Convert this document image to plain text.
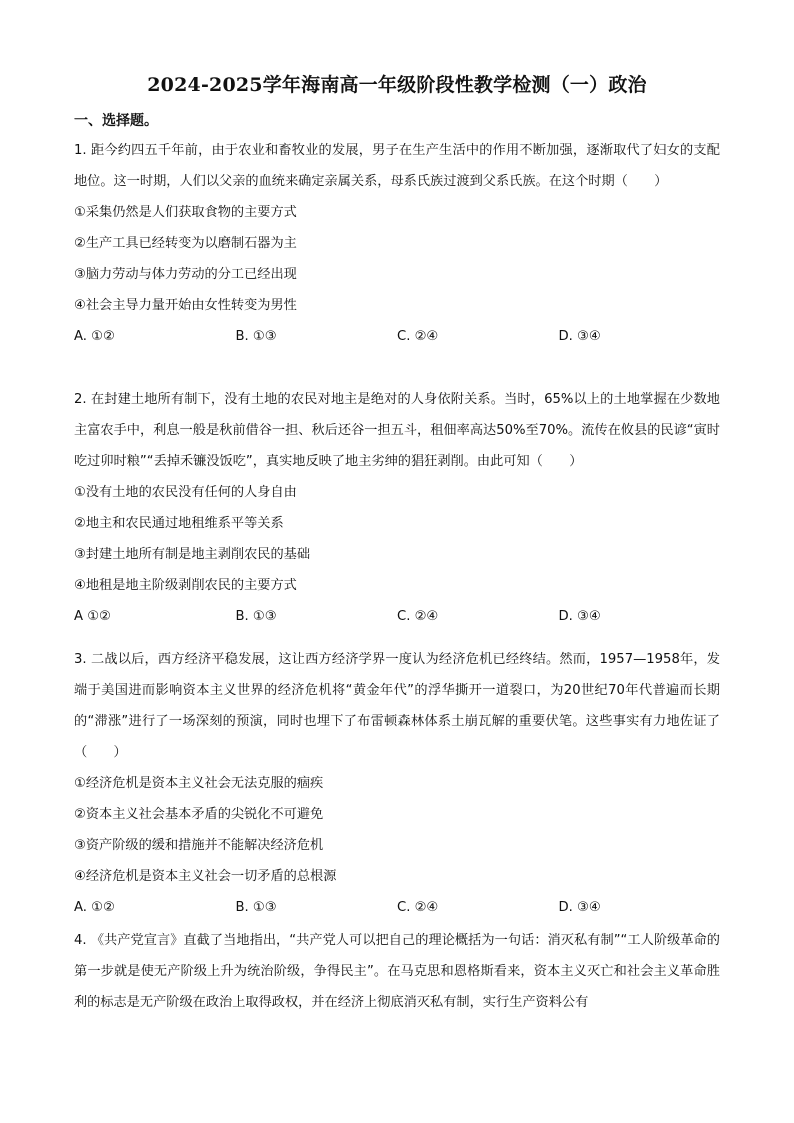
2024-2025学年海南高一年级阶段性教学检测（一）政治
一、选择题。

1. 距今约四五千年前，由于农业和畜牧业的发展，男子在生产生活中的作用不断加强，逐渐取代了妇女的支配地位。这一时期，人们以父亲的血统来确定亲属关系，母系氏族过渡到父系氏族。在这个时期（　　）

①采集仍然是人们获取食物的主要方式

②生产工具已经转变为以磨制石器为主

③脑力劳动与体力劳动的分工已经出现

④社会主导力量开始由女性转变为男性

A. ①②	B. ①③	C. ②④	D. ③④

2. 在封建土地所有制下，没有土地的农民对地主是绝对的人身依附关系。当时，65%以上的土地掌握在少数地主富农手中，利息一般是秋前借谷一担、秋后还谷一担五斗，租佃率高达50%至70%。流传在攸县的民谚“寅时吃过卯时粮”“丢掉禾镰没饭吃”，真实地反映了地主劣绅的猖狂剥削。由此可知（　　）

①没有土地的农民没有任何的人身自由

②地主和农民通过地租维系平等关系

③封建土地所有制是地主剥削农民的基础

④地租是地主阶级剥削农民的主要方式

A ①②	B. ①③	C. ②④	D. ③④

3. 二战以后，西方经济平稳发展，这让西方经济学界一度认为经济危机已经终结。然而，1957—1958年，发端于美国进而影响资本主义世界的经济危机将“黄金年代”的浮华撕开一道裂口，为20世纪70年代普遍而长期的“滞涨”进行了一场深刻的预演，同时也埋下了布雷顿森林体系土崩瓦解的重要伏笔。这些事实有力地佐证了（　　）

①经济危机是资本主义社会无法克服的痼疾

②资本主义社会基本矛盾的尖锐化不可避免

③资产阶级的缓和措施并不能解决经济危机

④经济危机是资本主义社会一切矛盾的总根源

A. ①②	B. ①③	C. ②④	D. ③④

4. 《共产党宣言》直截了当地指出，“共产党人可以把自己的理论概括为一句话：消灭私有制”“工人阶级革命的第一步就是使无产阶级上升为统治阶级，争得民主”。在马克思和恩格斯看来，资本主义灭亡和社会主义革命胜利的标志是无产阶级在政治上取得政权，并在经济上彻底消灭私有制，实行生产资料公有
